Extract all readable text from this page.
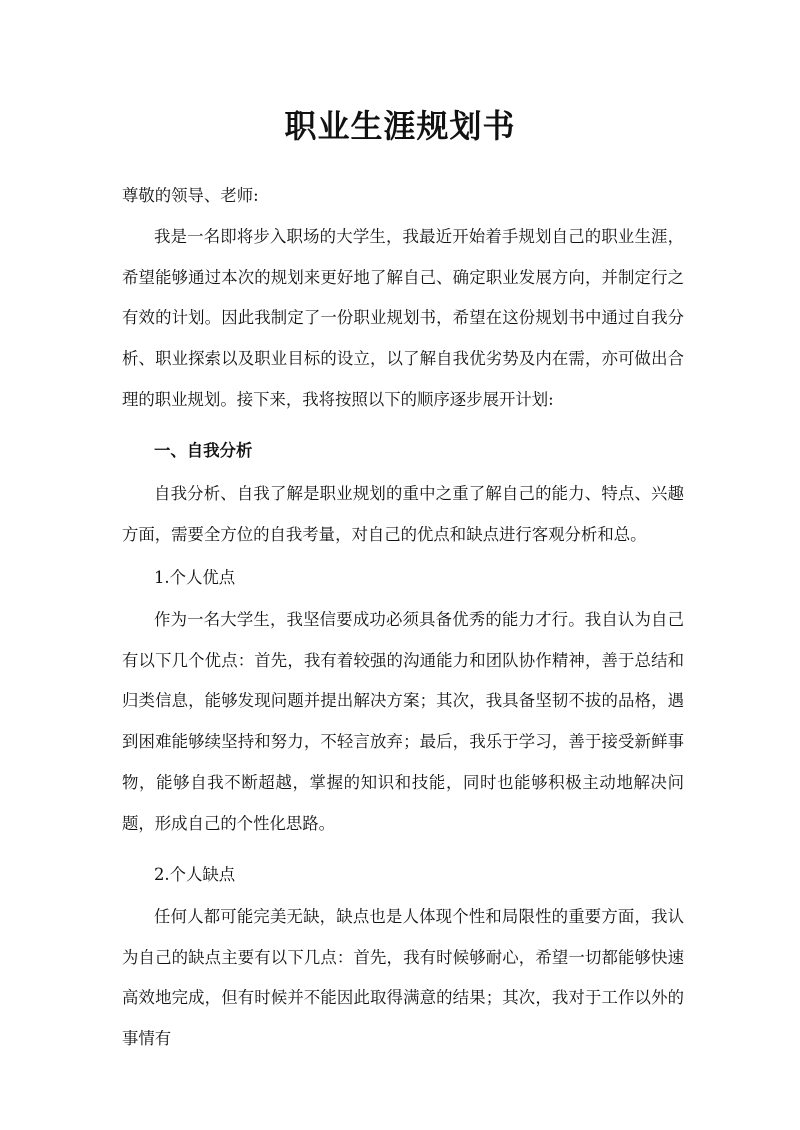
职业生涯规划书
尊敬的领导、老师:
我是一名即将步入职场的大学生，我最近开始着手规划自己的职业生涯，希望能够通过本次的规划来更好地了解自己、确定职业发展方向，并制定行之有效的计划。因此我制定了一份职业规划书，希望在这份规划书中通过自我分析、职业探索以及职业目标的设立，以了解自我优劣势及内在需，亦可做出合理的职业规划。接下来，我将按照以下的顺序逐步展开计划:
一、自我分析
自我分析、自我了解是职业规划的重中之重了解自己的能力、特点、兴趣方面，需要全方位的自我考量，对自己的优点和缺点进行客观分析和总。
1.个人优点
作为一名大学生，我坚信要成功必须具备优秀的能力才行。我自认为自己有以下几个优点：首先，我有着较强的沟通能力和团队协作精神，善于总结和归类信息，能够发现问题并提出解决方案；其次，我具备坚韧不拔的品格，遇到困难能够续坚持和努力，不轻言放弃；最后，我乐于学习，善于接受新鲜事物，能够自我不断超越，掌握的知识和技能，同时也能够积极主动地解决问题，形成自己的个性化思路。
2.个人缺点
任何人都可能完美无缺，缺点也是人体现个性和局限性的重要方面，我认为自己的缺点主要有以下几点：首先，我有时候够耐心，希望一切都能够快速高效地完成，但有时候并不能因此取得满意的结果；其次，我对于工作以外的事情有
